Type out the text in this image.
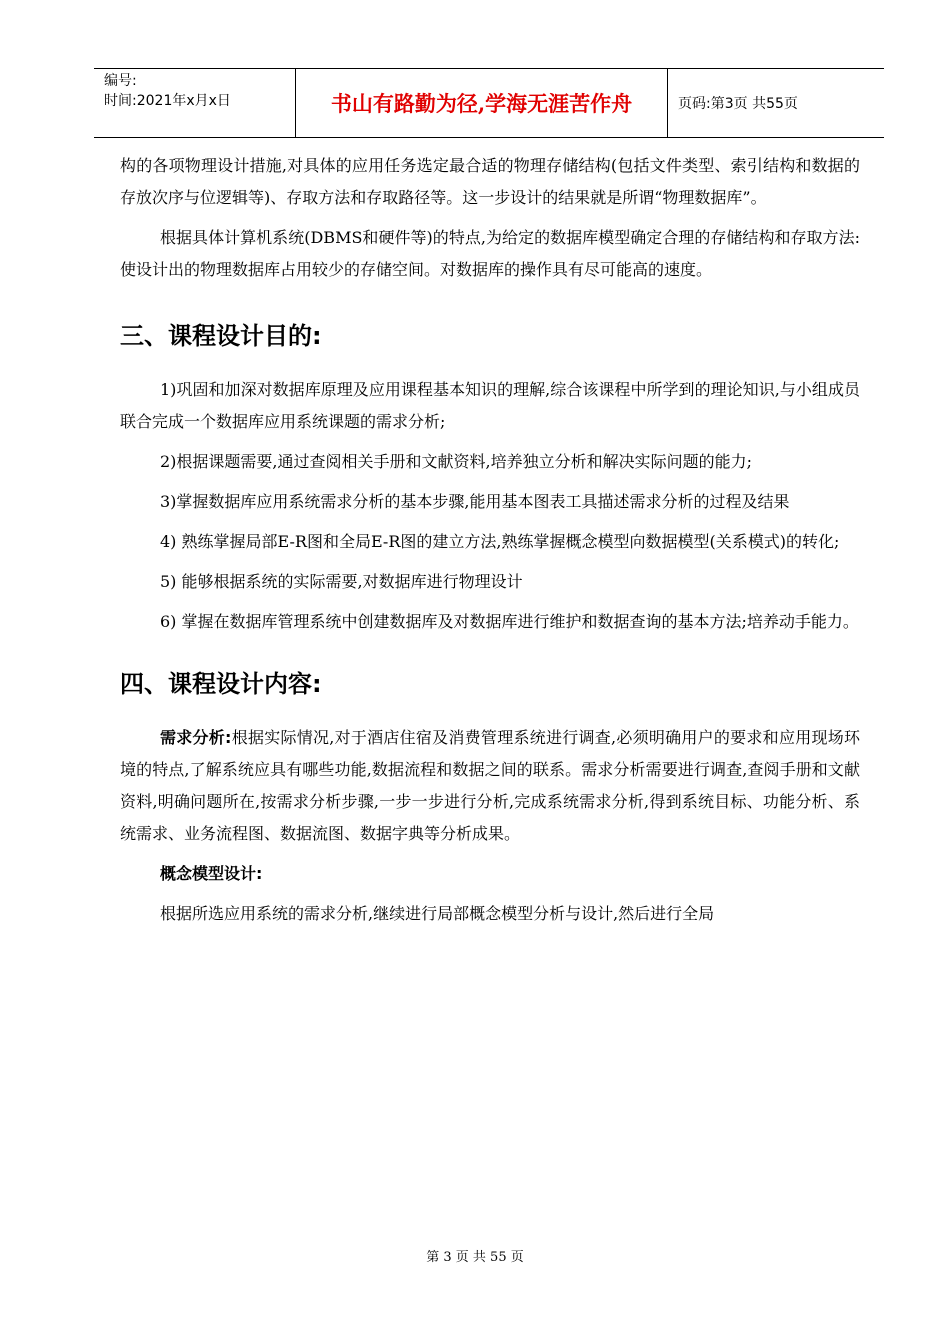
编号:
时间:2021年x月x日	书山有路勤为径,学海无涯苦作舟	页码:第3页 共55页

构的各项物理设计措施,对具体的应用任务选定最合适的物理存储结构(包括文件类型、索引结构和数据的存放次序与位逻辑等)、存取方法和存取路径等。这一步设计的结果就是所谓“物理数据库”。

根据具体计算机系统(DBMS和硬件等)的特点,为给定的数据库模型确定合理的存储结构和存取方法:使设计出的物理数据库占用较少的存储空间。对数据库的操作具有尽可能高的速度。

三、课程设计目的:

1)巩固和加深对数据库原理及应用课程基本知识的理解,综合该课程中所学到的理论知识,与小组成员联合完成一个数据库应用系统课题的需求分析;

2)根据课题需要,通过查阅相关手册和文献资料,培养独立分析和解决实际问题的能力;

3)掌握数据库应用系统需求分析的基本步骤,能用基本图表工具描述需求分析的过程及结果

4) 熟练掌握局部E-R图和全局E-R图的建立方法,熟练掌握概念模型向数据模型(关系模式)的转化;

5) 能够根据系统的实际需要,对数据库进行物理设计

6) 掌握在数据库管理系统中创建数据库及对数据库进行维护和数据查询的基本方法;培养动手能力。

四、课程设计内容:

需求分析:根据实际情况,对于酒店住宿及消费管理系统进行调查,必须明确用户的要求和应用现场环境的特点,了解系统应具有哪些功能,数据流程和数据之间的联系。需求分析需要进行调查,查阅手册和文献资料,明确问题所在,按需求分析步骤,一步一步进行分析,完成系统需求分析,得到系统目标、功能分析、系统需求、业务流程图、数据流图、数据字典等分析成果。

概念模型设计:

根据所选应用系统的需求分析,继续进行局部概念模型分析与设计,然后进行全局

第 3 页 共 55 页
